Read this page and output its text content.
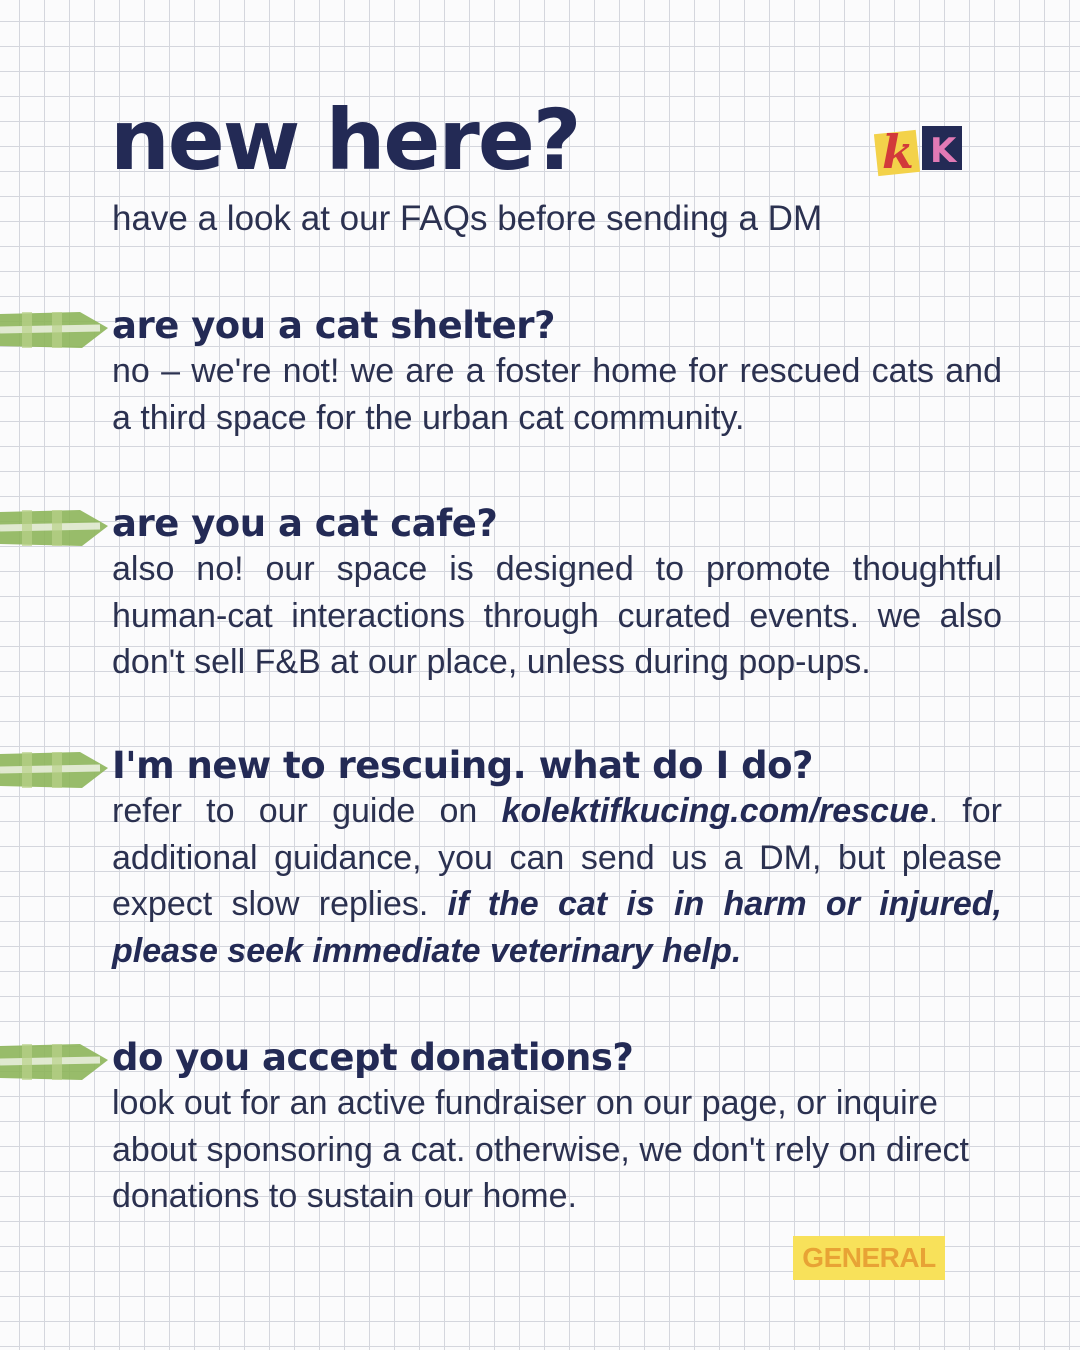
new here?
have a look at our FAQs before sending a DM
k K
are you a cat shelter?

no – we're not! we are a foster home for rescued cats and a third space for the urban cat community.

are you a cat cafe?

also no! our space is designed to promote thoughtful human-cat interactions through curated events. we also don't sell F&B at our place, unless during pop-ups.

I'm new to rescuing. what do I do?

refer to our guide on kolektifkucing.com/rescue. for additional guidance, you can send us a DM, but please expect slow replies. if the cat is in harm or injured, please seek immediate veterinary help.

do you accept donations?

look out for an active fundraiser on our page, or inquire about sponsoring a cat. otherwise, we don't rely on direct donations to sustain our home.

GENERAL
